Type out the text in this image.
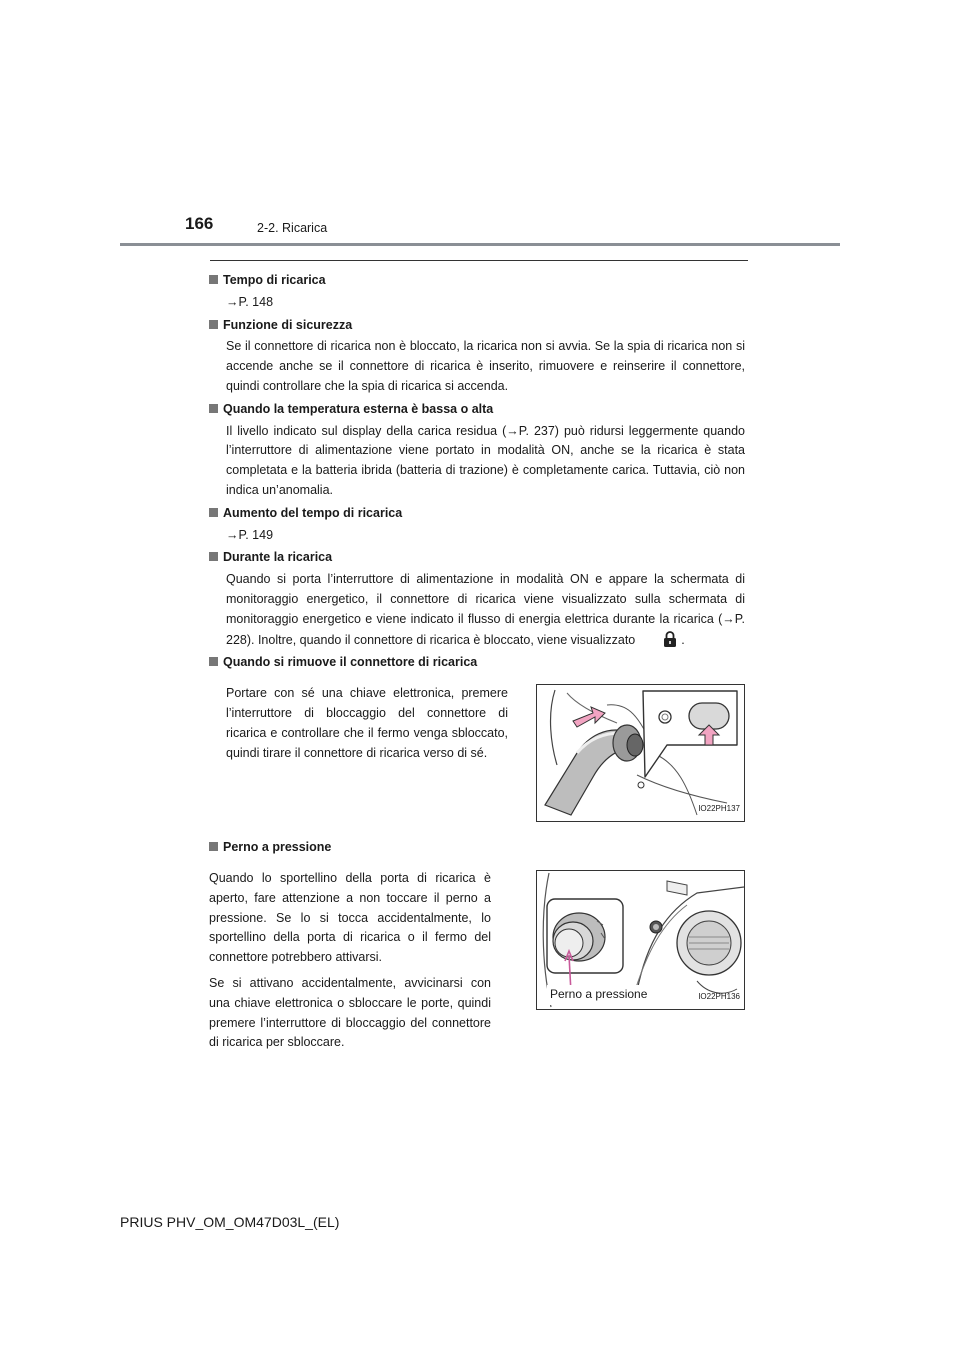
166	2-2. Ricarica
Tempo di ricarica
→P. 148
Funzione di sicurezza
Se il connettore di ricarica non è bloccato, la ricarica non si avvia. Se la spia di ricarica non si accende anche se il connettore di ricarica è inserito, rimuovere e reinserire il connettore, quindi controllare che la spia di ricarica si accenda.
Quando la temperatura esterna è bassa o alta
Il livello indicato sul display della carica residua (→P. 237) può ridursi leggermente quando l’interruttore di alimentazione viene portato in modalità ON, anche se la ricarica è stata completata e la batteria ibrida (batteria di trazione) è completamente carica. Tuttavia, ciò non indica un’anomalia.
Aumento del tempo di ricarica
→P. 149
Durante la ricarica
Quando si porta l’interruttore di alimentazione in modalità ON e appare la schermata di monitoraggio energetico, il connettore di ricarica viene visualizzato sulla schermata di monitoraggio energetico e viene indicato il flusso di energia elettrica durante la ricarica (→P. 228). Inoltre, quando il connettore di ricarica è bloccato, viene visualizzato	.
Quando si rimuove il connettore di ricarica
Portare con sé una chiave elettronica, premere l’interruttore di bloccaggio del connettore di ricarica e controllare che il fermo venga sbloccato, quindi tirare il connettore di ricarica verso di sé.
IO22PH137
Perno a pressione
Quando lo sportellino della porta di ricarica è aperto, fare attenzione a non toccare il perno a pressione. Se lo si tocca accidentalmente, lo sportellino della porta di ricarica o il fermo del connettore potrebbero attivarsi.
Se si attivano accidentalmente, avvicinarsi con una chiave elettronica o sbloccare le porte, quindi premere l’interruttore di bloccaggio del connettore di ricarica per sbloccare.
Perno a pressione	IO22PH136
PRIUS PHV_OM_OM47D03L_(EL)
